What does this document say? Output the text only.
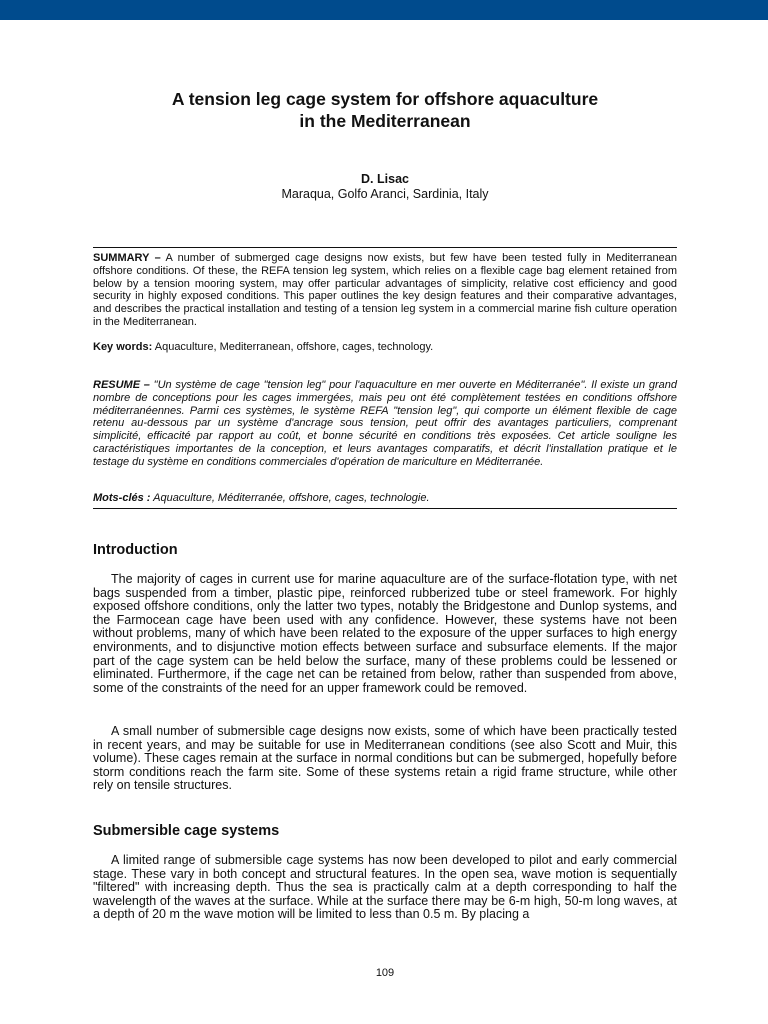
A tension leg cage system for offshore aquaculture
in the Mediterranean
D. Lisac
Maraqua, Golfo Aranci, Sardinia, Italy

SUMMARY – A number of submerged cage designs now exists, but few have been tested fully in Mediterranean offshore conditions. Of these, the REFA tension leg system, which relies on a flexible cage bag element retained from below by a tension mooring system, may offer particular advantages of simplicity, relative cost efficiency and good security in highly exposed conditions. This paper outlines the key design features and their comparative advantages, and describes the practical installation and testing of a tension leg system in a commercial marine fish culture operation in the Mediterranean.

Key words: Aquaculture, Mediterranean, offshore, cages, technology.

RESUME – "Un système de cage "tension leg" pour l'aquaculture en mer ouverte en Méditerranée". Il existe un grand nombre de conceptions pour les cages immergées, mais peu ont été complètement testées en conditions offshore méditerranéennes. Parmi ces systèmes, le système REFA "tension leg", qui comporte un élément flexible de cage retenu au-dessous par un système d'ancrage sous tension, peut offrir des avantages particuliers, comprenant simplicité, efficacité par rapport au coût, et bonne sécurité en conditions très exposées. Cet article souligne les caractéristiques importantes de la conception, et leurs avantages comparatifs, et décrit l'installation pratique et le testage du système en conditions commerciales d'opération de mariculture en Méditerranée.

Mots-clés : Aquaculture, Méditerranée, offshore, cages, technologie.

Introduction

The majority of cages in current use for marine aquaculture are of the surface-flotation type, with net bags suspended from a timber, plastic pipe, reinforced rubberized tube or steel framework. For highly exposed offshore conditions, only the latter two types, notably the Bridgestone and Dunlop systems, and the Farmocean cage have been used with any confidence. However, these systems have not been without problems, many of which have been related to the exposure of the upper surfaces to high energy environments, and to disjunctive motion effects between surface and subsurface elements. If the major part of the cage system can be held below the surface, many of these problems could be lessened or eliminated. Furthermore, if the cage net can be retained from below, rather than suspended from above, some of the constraints of the need for an upper framework could be removed.

A small number of submersible cage designs now exists, some of which have been practically tested in recent years, and may be suitable for use in Mediterranean conditions (see also Scott and Muir, this volume). These cages remain at the surface in normal conditions but can be submerged, hopefully before storm conditions reach the farm site. Some of these systems retain a rigid frame structure, while other rely on tensile structures.

Submersible cage systems

A limited range of submersible cage systems has now been developed to pilot and early commercial stage. These vary in both concept and structural features. In the open sea, wave motion is sequentially "filtered" with increasing depth. Thus the sea is practically calm at a depth corresponding to half the wavelength of the waves at the surface. While at the surface there may be 6-m high, 50-m long waves, at a depth of 20 m the wave motion will be limited to less than 0.5 m. By placing a

109
